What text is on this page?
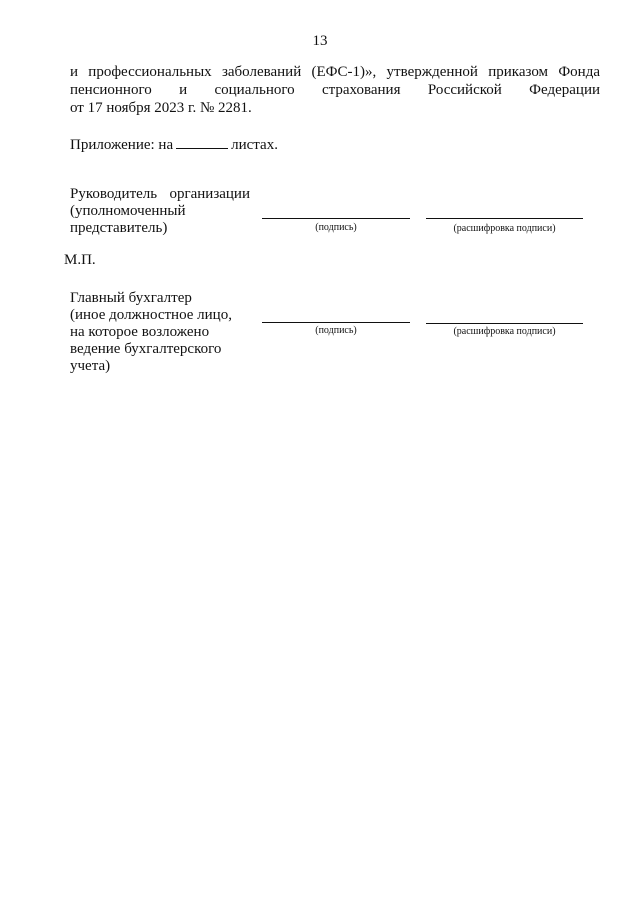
13
и профессиональных заболеваний (ЕФС-1)», утвержденной приказом Фонда
пенсионного и социального страхования Российской Федерации
от 17 ноября 2023 г. № 2281.
Приложение: на	листах.
Руководитель организации
(уполномоченный
представитель)	(подпись)	(расшифровка подписи)
М.П.
Главный бухгалтер
(иное должностное лицо,
на которое возложено
ведение бухгалтерского
учета)
(подпись)	(расшифровка подписи)
